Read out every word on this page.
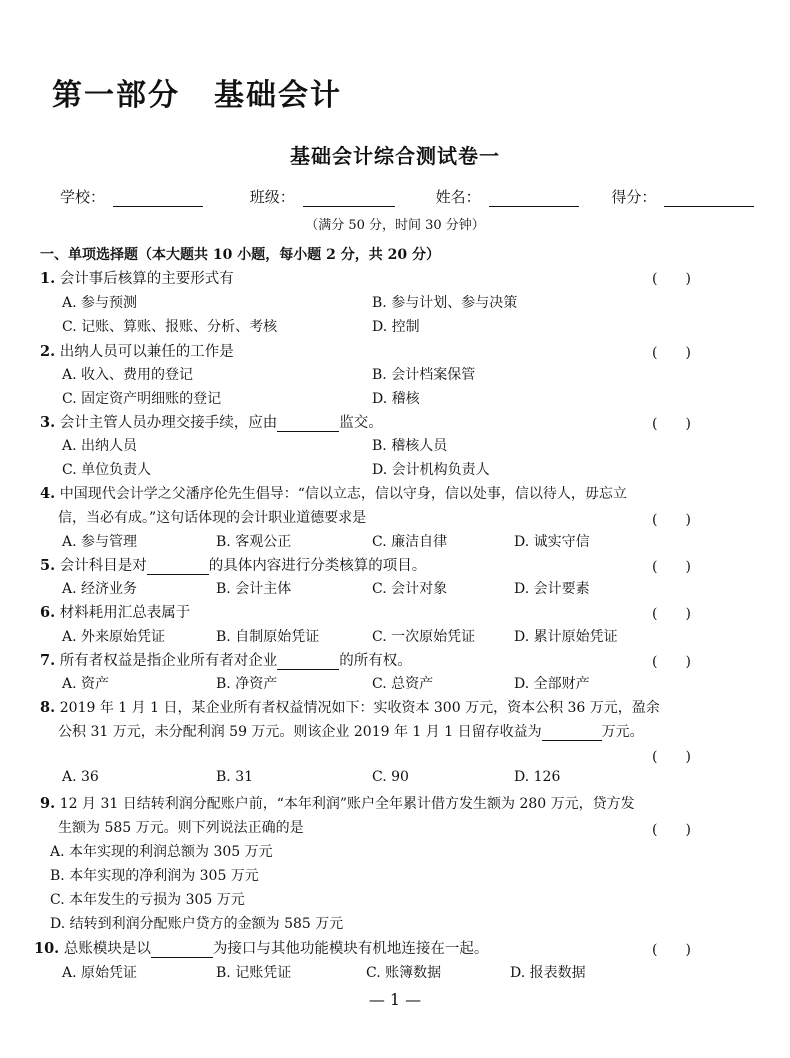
第一部分 基础会计
基础会计综合测试卷一
学校：	班级：	姓名：	得分：
（满分 50 分，时间 30 分钟）
一、单项选择题（本大题共 10 小题，每小题 2 分，共 20 分）
1. 会计事后核算的主要形式有	(　　)
A. 参与预测	B. 参与计划、参与决策
C. 记账、算账、报账、分析、考核	D. 控制
2. 出纳人员可以兼任的工作是	(　　)
A. 收入、费用的登记	B. 会计档案保管
C. 固定资产明细账的登记	D. 稽核
3. 会计主管人员办理交接手续，应由	监交。	(　　)
A. 出纳人员	B. 稽核人员
C. 单位负责人	D. 会计机构负责人
4. 中国现代会计学之父潘序伦先生倡导：“信以立志，信以守身，信以处事，信以待人，毋忘立
信，当必有成。”这句话体现的会计职业道德要求是	(　　)
A. 参与管理	B. 客观公正	C. 廉洁自律	D. 诚实守信
5. 会计科目是对	的具体内容进行分类核算的项目。	(　　)
A. 经济业务	B. 会计主体	C. 会计对象	D. 会计要素
6. 材料耗用汇总表属于	(　　)
A. 外来原始凭证	B. 自制原始凭证	C. 一次原始凭证	D. 累计原始凭证
7. 所有者权益是指企业所有者对企业	的所有权。	(　　)
A. 资产	B. 净资产	C. 总资产	D. 全部财产
8. 2019 年 1 月 1 日，某企业所有者权益情况如下：实收资本 300 万元，资本公积 36 万元，盈余
公积 31 万元，未分配利润 59 万元。则该企业 2019 年 1 月 1 日留存收益为	万元。
(　　)
A. 36	B. 31	C. 90	D. 126
9. 12 月 31 日结转利润分配账户前，“本年利润”账户全年累计借方发生额为 280 万元，贷方发
生额为 585 万元。则下列说法正确的是	(　　)
A. 本年实现的利润总额为 305 万元
B. 本年实现的净利润为 305 万元
C. 本年发生的亏损为 305 万元
D. 结转到利润分配账户贷方的金额为 585 万元
10. 总账模块是以	为接口与其他功能模块有机地连接在一起。	(　　)
A. 原始凭证	B. 记账凭证	C. 账簿数据	D. 报表数据
— 1 —
